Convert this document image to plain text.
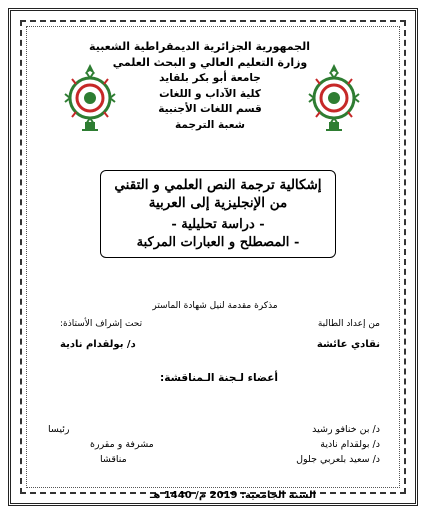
الجمهورية الجزائرية الديمقراطية الشعبية
وزارة التعليم العالي و البحث العلمي
جامعة أبو بكر بلقايد
كلية الآداب و اللغات
قسم اللغات الأجنبية
شعبة الترجمة
إشكالية ترجمة النص العلمي و التقني
من الإنجليزية إلى العربية
- دراسة تحليلية -
- المصطلح و العبارات المركبة
مذكرة مقدمة لنيل شهادة الماستر
من إعداد الطالبة
تحت إشراف الأستاذة:
نقادي عائشة
د/ بولقدام نادية
أعضاء لـجنة الـمناقشة:
د/ بن خنافو رشيد
رئيسا
د/ بولقدام نادية
مشرفة و مقررة
د/ سعيد بلعربي جلول
مناقشا
السنة الجامعية: 2019 م/ 1440 هـ
